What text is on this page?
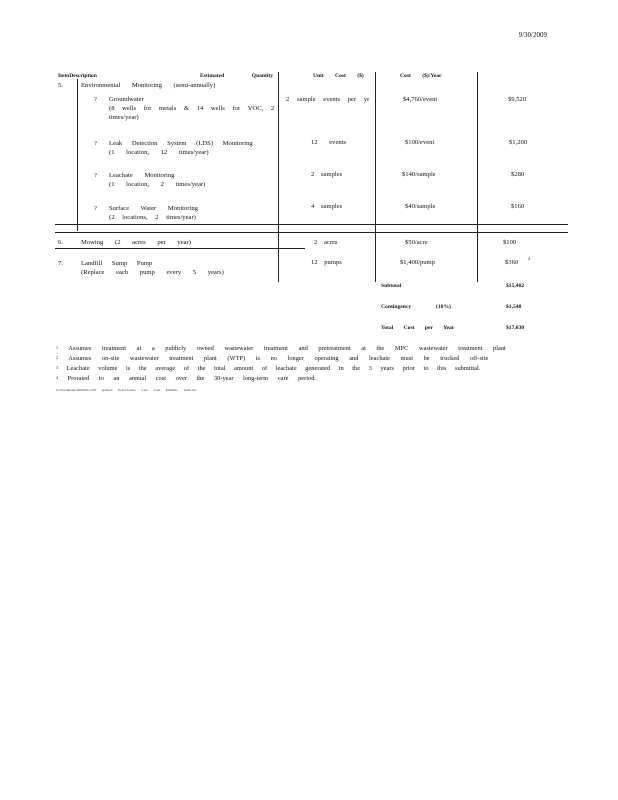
9/30/2009
ItemDescription	Estimated Quantity	Unit Cost ($)	Cost ($)/Year
5.	Environmental Monitoring (semi-annually)
? Groundwater
(8 wells for metals & 14 wells for VOC, 2 times/year)
2 sample events per yr	$4,760/event	$9,520
? Leak Detection System (LDS) Monitoring
(1 location, 12 times/year)
12 events	$100/event	$1,200
? Leachate Monitoring
(1 location, 2 times/year)
2 samples	$140/sample	$280
? Surface Water Monitoring
(2 locations, 2 times/year)
4 samples	$40/sample	$160
6.	Mowing (2 acres per year)	2 acres	$50/acre	$100
7.	Landfill Sump Pump
(Replace each pump every 5 years)
12 pumps	$1,400/pump	$360
4
Subtotal	$15,482
Contingency	(10%)	$1,548
Total Cost per Year	$17,030
$^1$ Assumes treatment at a publicly owned wastewater treatment and pretreatment at the MPC wastewater treatment plant
$^2$ Assumes on-site wastewater treatment plant (WTP) is no longer operating and leachate must be trucked off-site
$^3$ Leachate volume is the average of the total amount of leachate generated in the 3 years prior to this submittal.
$^4$ Prorated to an annual cost over the 30-year long-term care period.
G:\Documents\2009\09-1228 updated Post-Closure Care Cost Estimate Table.doc
